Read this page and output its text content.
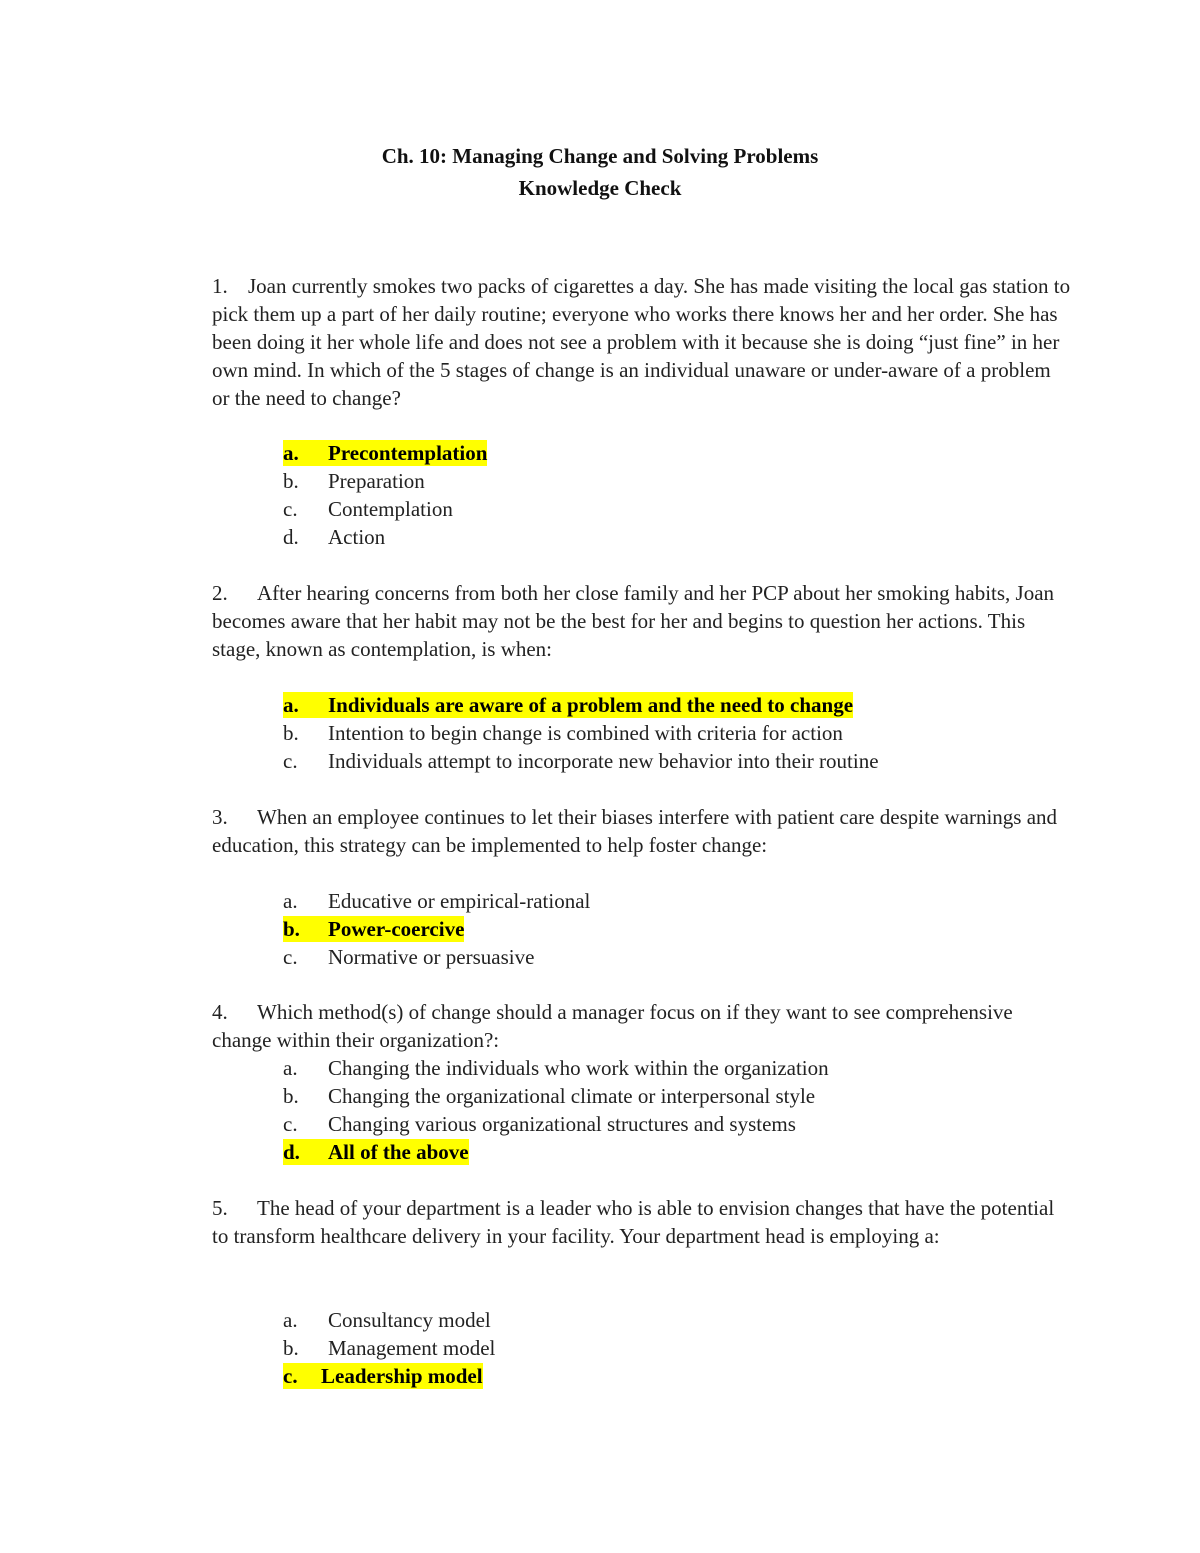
Ch. 10: Managing Change and Solving Problems
Knowledge Check
1. Joan currently smokes two packs of cigarettes a day. She has made visiting the local gas station to pick them up a part of her daily routine; everyone who works there knows her and her order. She has been doing it her whole life and does not see a problem with it because she is doing “just fine” in her own mind. In which of the 5 stages of change is an individual unaware or under-aware of a problem or the need to change?
a. Precontemplation
b. Preparation
c. Contemplation
d. Action
2. After hearing concerns from both her close family and her PCP about her smoking habits, Joan becomes aware that her habit may not be the best for her and begins to question her actions. This stage, known as contemplation, is when:
a. Individuals are aware of a problem and the need to change
b. Intention to begin change is combined with criteria for action
c. Individuals attempt to incorporate new behavior into their routine
3. When an employee continues to let their biases interfere with patient care despite warnings and education, this strategy can be implemented to help foster change:
a. Educative or empirical-rational
b. Power-coercive
c. Normative or persuasive
4. Which method(s) of change should a manager focus on if they want to see comprehensive change within their organization?:
a. Changing the individuals who work within the organization
b. Changing the organizational climate or interpersonal style
c. Changing various organizational structures and systems
d. All of the above
5. The head of your department is a leader who is able to envision changes that have the potential to transform healthcare delivery in your facility. Your department head is employing a:
a. Consultancy model
b. Management model
c. Leadership model
